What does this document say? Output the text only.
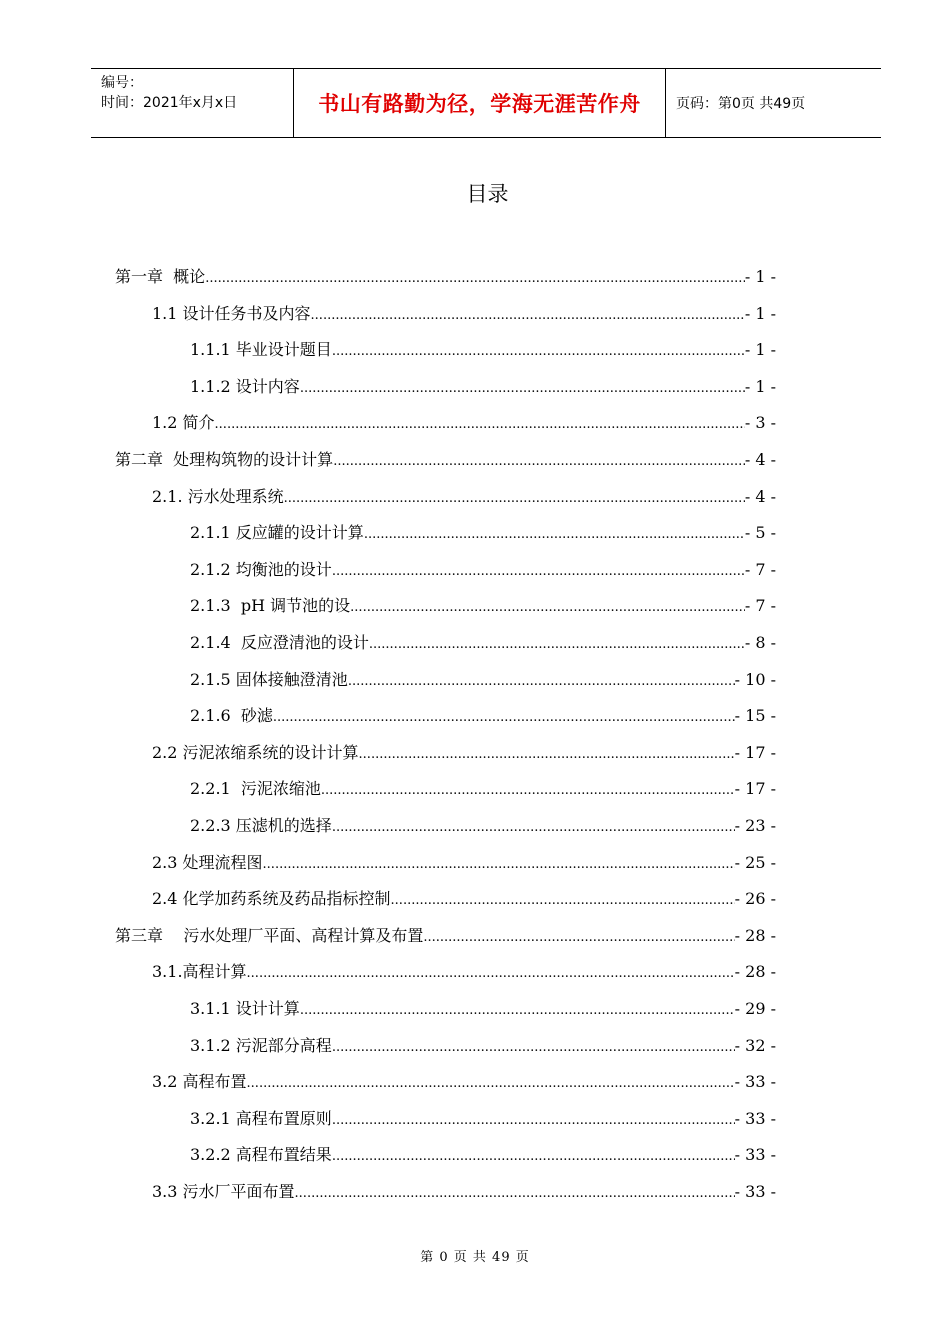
编号：
时间：2021年x月x日	书山有路勤为径，学海无涯苦作舟	页码：第0页 共49页
目录
第一章  概论 .....	- 1 -
1.1 设计任务书及内容 .....	- 1 -
1.1.1 毕业设计题目 .....	- 1 -
1.1.2 设计内容 .....	- 1 -
1.2 简介 .....	- 3 -
第二章  处理构筑物的设计计算 .....	- 4 -
2.1. 污水处理系统 .....	- 4 -
2.1.1 反应罐的设计计算 .....	- 5 -
2.1.2 均衡池的设计 .....	- 7 -
2.1.3  pH 调节池的设 .....	- 7 -
2.1.4  反应澄清池的设计 .....	- 8 -
2.1.5 固体接触澄清池 .....	- 10 -
2.1.6  砂滤 .....	- 15 -
2.2 污泥浓缩系统的设计计算 .....	- 17 -
2.2.1  污泥浓缩池 .....	- 17 -
2.2.3 压滤机的选择 .....	- 23 -
2.3 处理流程图 .....	- 25 -
2.4 化学加药系统及药品指标控制 .....	- 26 -
第三章    污水处理厂平面、高程计算及布置 .....	- 28 -
3.1.高程计算 .....	- 28 -
3.1.1 设计计算 .....	- 29 -
3.1.2 污泥部分高程 .....	- 32 -
3.2 高程布置 .....	- 33 -
3.2.1 高程布置原则 .....	- 33 -
3.2.2 高程布置结果 .....	- 33 -
3.3 污水厂平面布置 .....	- 33 -
第 0 页 共 49 页
